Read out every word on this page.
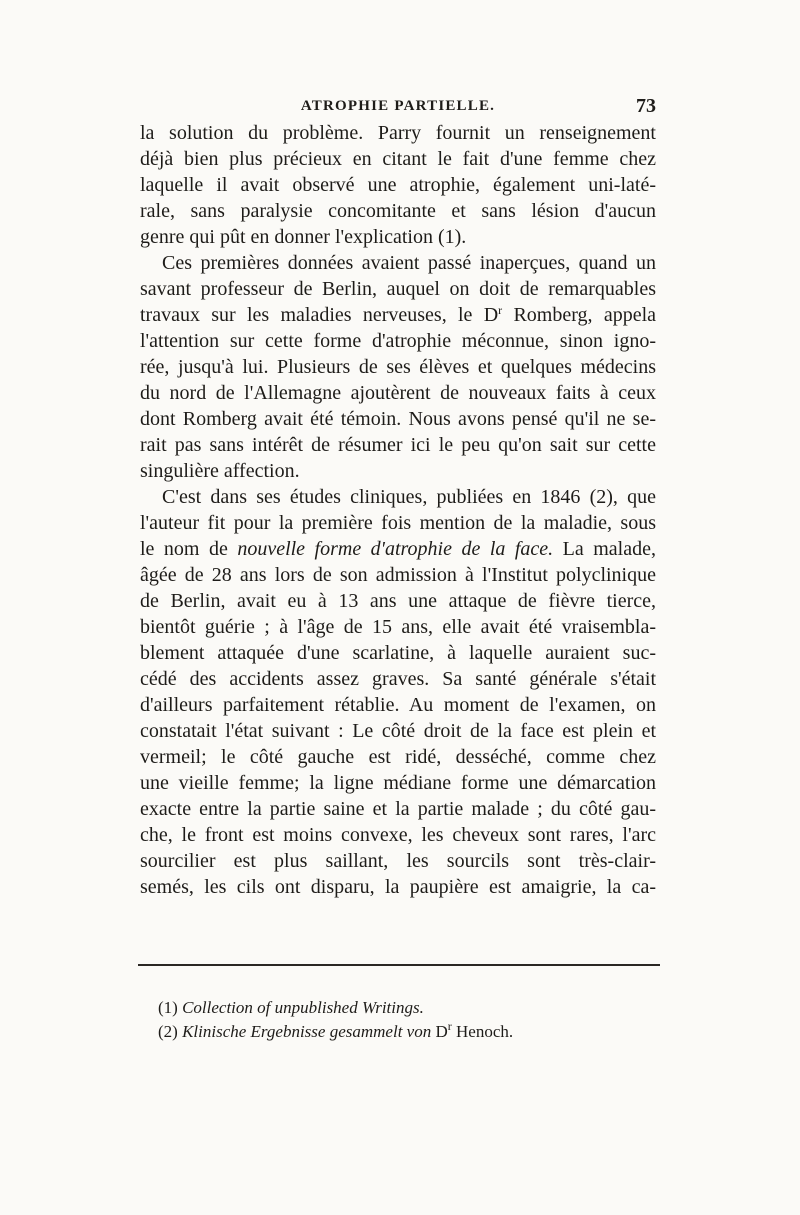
ATROPHIE PARTIELLE.	73

la solution du problème. Parry fournit un renseignement
déjà bien plus précieux en citant le fait d'une femme chez
laquelle il avait observé une atrophie, également uni-laté-
rale, sans paralysie concomitante et sans lésion d'aucun
genre qui pût en donner l'explication (1).

Ces premières données avaient passé inaperçues, quand un
savant professeur de Berlin, auquel on doit de remarquables
travaux sur les maladies nerveuses, le $D^r$ Romberg, appela
l'attention sur cette forme d'atrophie méconnue, sinon igno-
rée, jusqu'à lui. Plusieurs de ses élèves et quelques médecins
du nord de l'Allemagne ajoutèrent de nouveaux faits à ceux
dont Romberg avait été témoin. Nous avons pensé qu'il ne se-
rait pas sans intérêt de résumer ici le peu qu'on sait sur cette
singulière affection.

C'est dans ses études cliniques, publiées en 1846 (2), que
l'auteur fit pour la première fois mention de la maladie, sous
le nom de nouvelle forme d'atrophie de la face. La malade,
âgée de 28 ans lors de son admission à l'Institut polyclinique
de Berlin, avait eu à 13 ans une attaque de fièvre tierce,
bientôt guérie ; à l'âge de 15 ans, elle avait été vraisembla-
blement attaquée d'une scarlatine, à laquelle auraient suc-
cédé des accidents assez graves. Sa santé générale s'était
d'ailleurs parfaitement rétablie. Au moment de l'examen, on
constatait l'état suivant : Le côté droit de la face est plein et
vermeil; le côté gauche est ridé, desséché, comme chez
une vieille femme; la ligne médiane forme une démarcation
exacte entre la partie saine et la partie malade ; du côté gau-
che, le front est moins convexe, les cheveux sont rares, l'arc
sourcilier est plus saillant, les sourcils sont très-clair-
semés, les cils ont disparu, la paupière est amaigrie, la ca-

(1) Collection of unpublished Writings.
(2) Klinische Ergebnisse gesammelt von $D^r$ Henoch.
